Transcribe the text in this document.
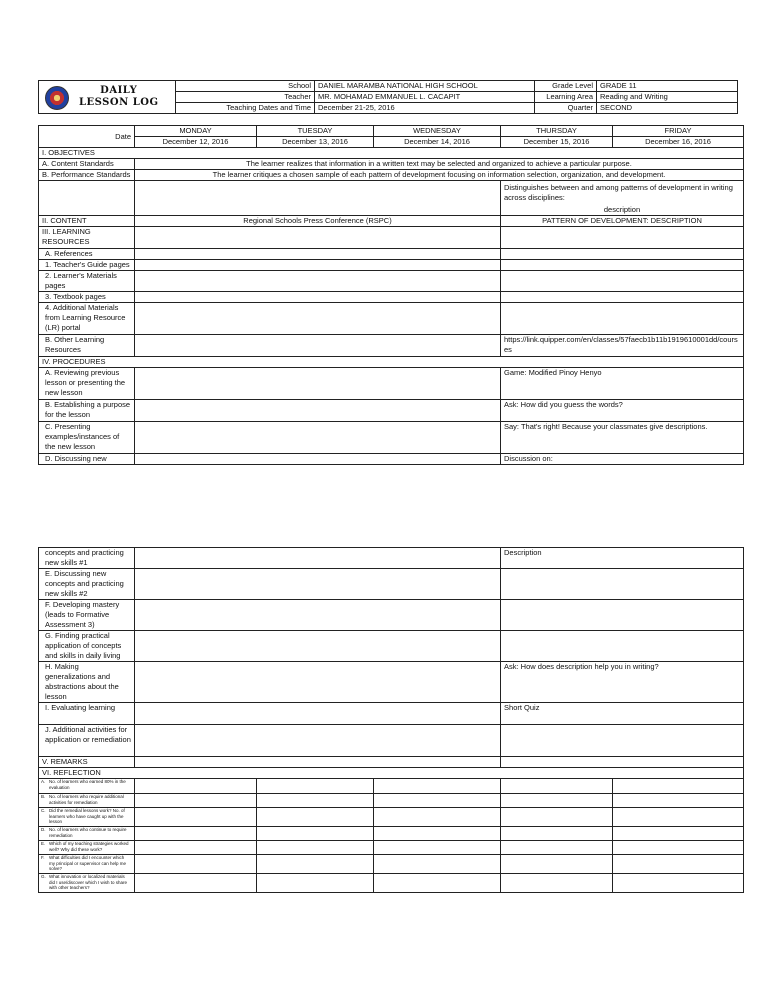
DAILY
LESSON LOG	School	DANIEL MARAMBA NATIONAL HIGH SCHOOL	Grade Level	GRADE 11
	Teacher	MR. MOHAMAD EMMANUEL L. CACAPIT	Learning Area	Reading and Writing
	Teaching Dates and Time	December 21-25, 2016	Quarter	SECOND
Date	MONDAY	TUESDAY	WEDNESDAY	THURSDAY	FRIDAY
	December 12, 2016	December 13, 2016	December 14, 2016	December 15, 2016	December 16, 2016
I. OBJECTIVES					
A. Content Standards	The learner realizes that information in a written text may be selected and organized to achieve a particular purpose.				
B. Performance Standards	The learner critiques a chosen sample of each pattern of development focusing on information selection, organization, and development.				

				Distinguishes between and among patterns of development in writing across disciplines:
description	

II. CONTENT	Regional Schools Press Conference (RSPC)			PATTERN OF DEVELOPMENT: DESCRIPTION	
III. LEARNING RESOURCES					
A. References					
1. Teacher's Guide pages					
2. Learner's Materials pages					
3. Textbook pages					
4. Additional Materials from Learning Resource (LR) portal					
B. Other Learning Resources				https://link.quipper.com/en/classes/57faecb1b11b1919610001dd/courses	
IV. PROCEDURES					
A. Reviewing previous lesson or presenting the new lesson				Game: Modified Pinoy Henyo	
B. Establishing a purpose for the lesson				Ask: How did you guess the words?	
C. Presenting examples/instances of the new lesson				Say: That's right! Because your classmates give descriptions.	
D. Discussing new				Discussion on:	
concepts and practicing new skills #1				Description	
E. Discussing new concepts and practicing new skills #2					
F. Developing mastery (leads to Formative Assessment 3)					
G. Finding practical application of concepts and skills in daily living					
H. Making generalizations and abstractions about the lesson				Ask: How does description help you in writing?	
I. Evaluating learning				Short Quiz	
J. Additional activities for application or remediation					
V. REMARKS					
VI. REFLECTION					

A. No. of learners who earned 80% in the evaluation					

B. No. of learners who require additional activities for remediation					

C. Did the remedial lessons work? No. of learners who have caught up with the lesson					

D. No. of learners who continue to require remediation					

E. Which of my teaching strategies worked well? Why did these work?					

F. What difficulties did I encounter which my principal or supervisor can help me solve?					

G. What innovation or localized materials did I use/discover which I wish to share with other teachers?					
